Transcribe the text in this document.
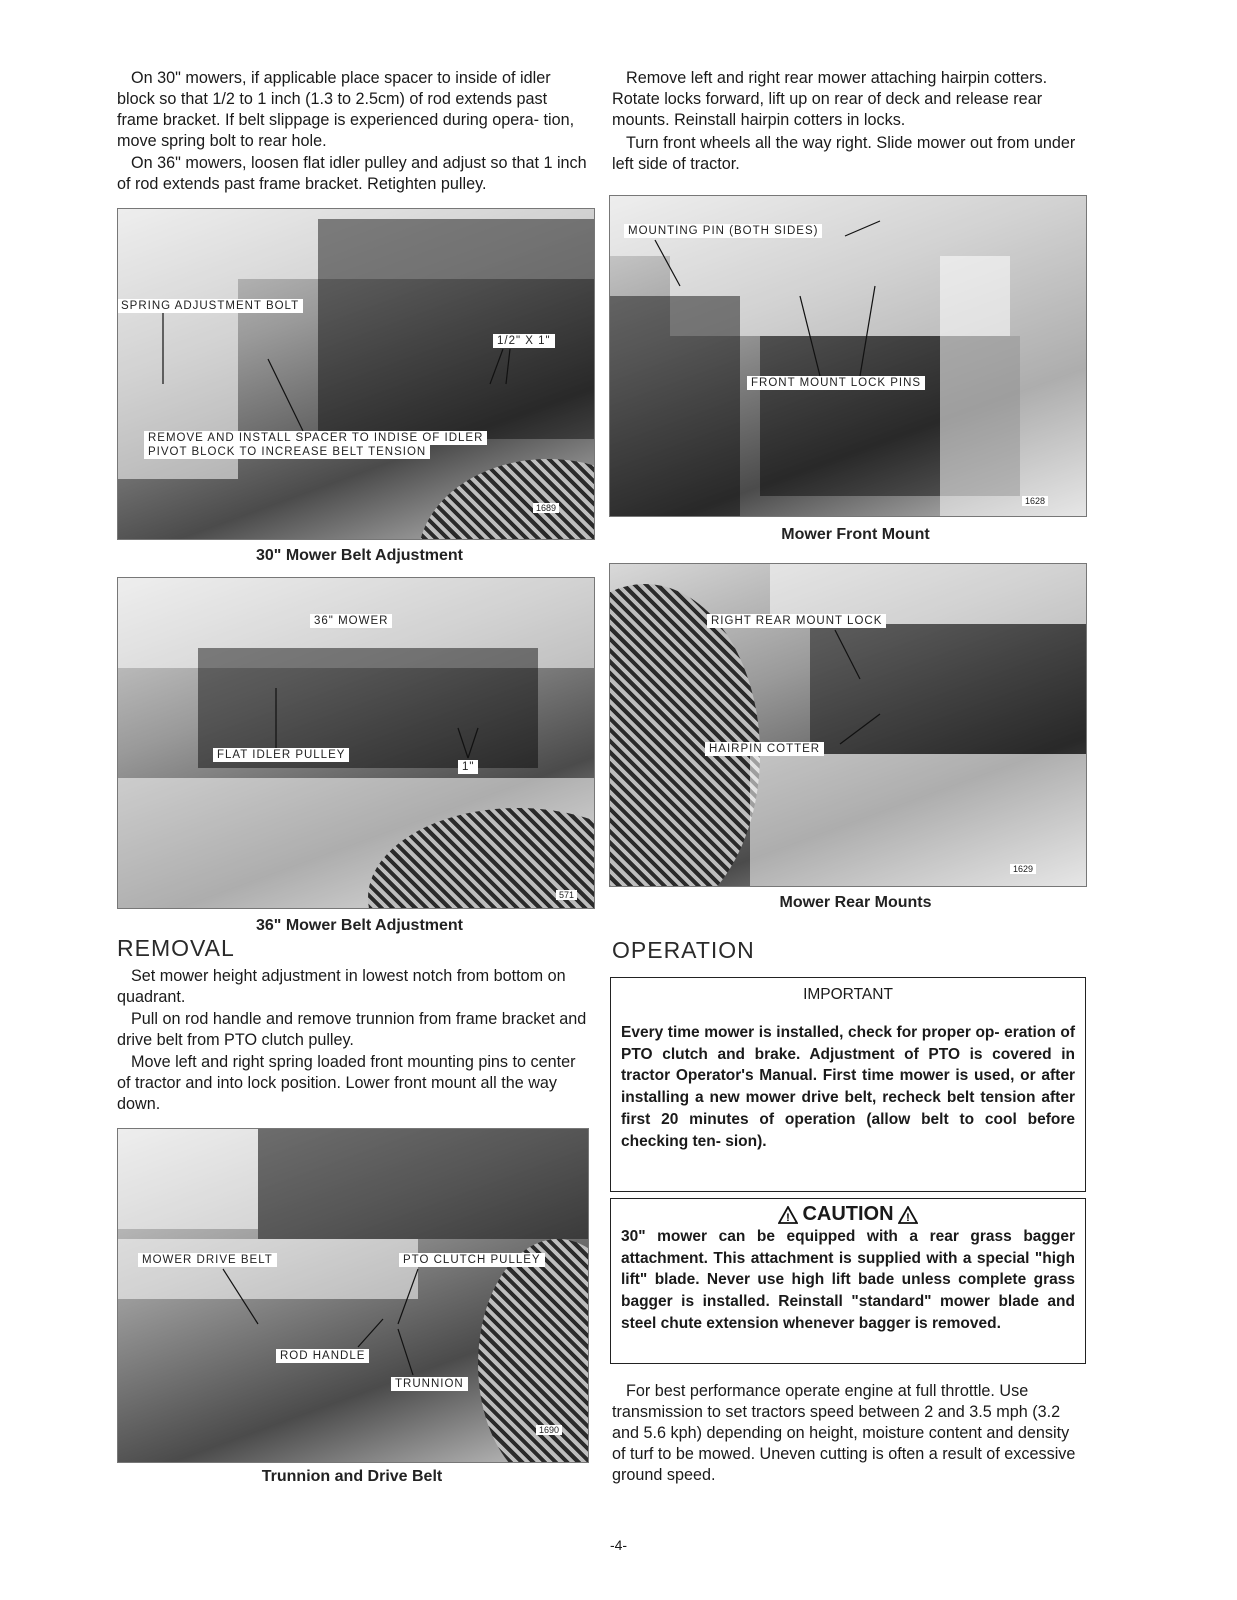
On 30" mowers, if applicable place spacer to inside of idler block so that 1/2 to 1 inch (1.3 to 2.5cm) of rod extends past frame bracket. If belt slippage is experienced during opera- tion, move spring bolt to rear hole.

On 36" mowers, loosen flat idler pulley and adjust so that 1 inch of rod extends past frame bracket. Retighten pulley.

SPRING ADJUSTMENT BOLT
1/2" X 1"
REMOVE AND INSTALL SPACER TO INDISE OF IDLER
PIVOT BLOCK TO INCREASE BELT TENSION
1689
30" Mower Belt Adjustment
36" MOWER
FLAT IDLER PULLEY
1"
571
36" Mower Belt Adjustment
REMOVAL

Set mower height adjustment in lowest notch from bottom on quadrant.

Pull on rod handle and remove trunnion from frame bracket and drive belt from PTO clutch pulley.

Move left and right spring loaded front mounting pins to center of tractor and into lock position. Lower front mount all the way down.

MOWER DRIVE BELT	PTO CLUTCH PULLEY
ROD HANDLE
TRUNNION
1690
Trunnion and Drive Belt

Remove left and right rear mower attaching hairpin cotters. Rotate locks forward, lift up on rear of deck and release rear mounts. Reinstall hairpin cotters in locks.

Turn front wheels all the way right. Slide mower out from under left side of tractor.

MOUNTING PIN (BOTH SIDES)
FRONT MOUNT LOCK PINS
1628
Mower Front Mount
RIGHT REAR MOUNT LOCK
HAIRPIN COTTER
1629
Mower Rear Mounts
OPERATION
IMPORTANT
Every time mower is installed, check for proper op- eration of PTO clutch and brake. Adjustment of PTO is covered in tractor Operator's Manual. First time mower is used, or after installing a new mower drive belt, recheck belt tension after first 20 minutes of operation (allow belt to cool before checking ten- sion).
! CAUTION !
30" mower can be equipped with a rear grass bagger attachment. This attachment is supplied with a special "high lift" blade. Never use high lift bade unless complete grass bagger is installed. Reinstall "standard" mower blade and steel chute extension whenever bagger is removed.

For best performance operate engine at full throttle. Use transmission to set tractors speed between 2 and 3.5 mph (3.2 and 5.6 kph) depending on height, moisture content and density of turf to be mowed. Uneven cutting is often a result of excessive ground speed.

-4-
